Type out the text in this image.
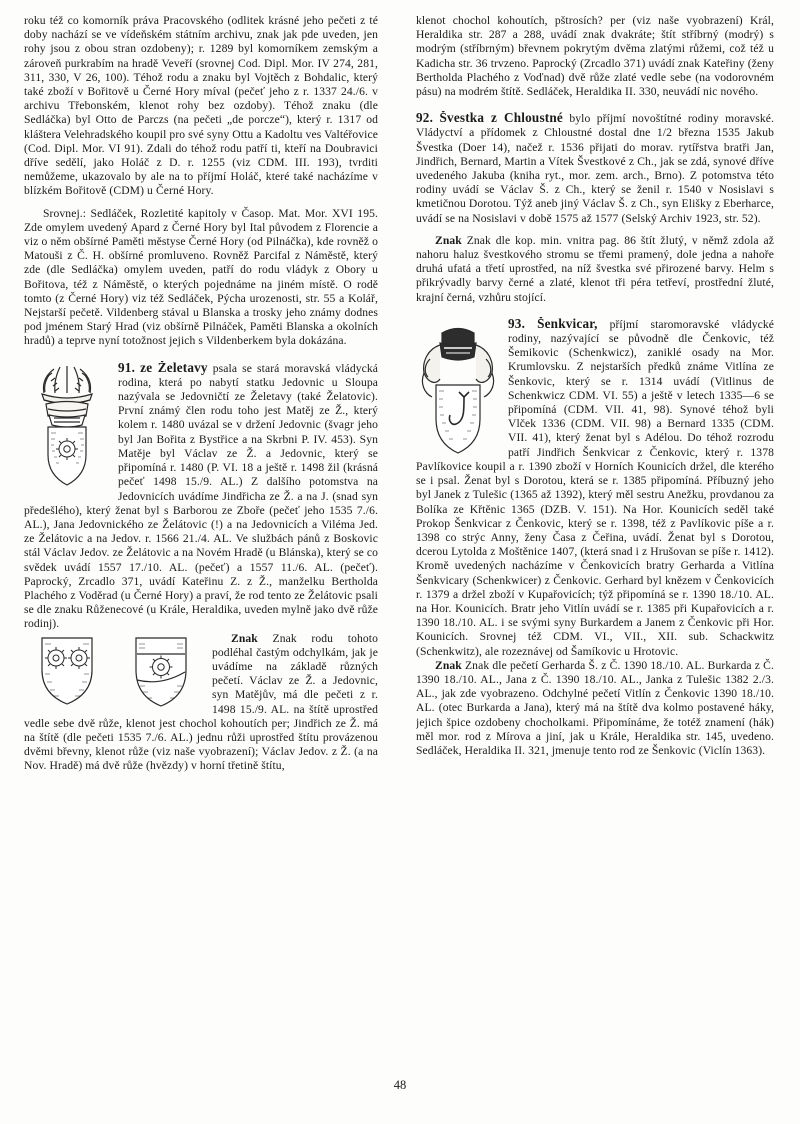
roku též co komorník práva Pracovského (odlitek krásné jeho pečeti z té doby nachází se ve vídeňském státním archivu, znak jak pde uveden, jen rohy jsou z obou stran ozdobeny); r. 1289 byl komorníkem zemským a zároveň purkrabím na hradě Veveří (srovnej Cod. Dipl. Mor. IV 274, 281, 311, 330, V 26, 100). Téhož rodu a znaku byl Vojtěch z Bohdalic, který také zboží v Bořitově u Černé Hory míval (pečeť jeho z r. 1337 24./6. v archivu Třebonském, klenot rohy bez ozdoby). Téhož znaku (dle Sedláčka) byl Otto de Parczs (na pečeti „de porcze“), který r. 1317 od kláštera Velehradského koupil pro své syny Ottu a Kadoltu ves Valtéřovice (Cod. Dipl. Mor. VI 91). Zdali do téhož rodu patří ti, kteří na Doubravici dříve sedělí, jako Holáč z D. r. 1255 (viz CDM. III. 193), tvrditi nemůžeme, ukazovalo by ale na to příjmí Holáč, které také nacházíme v blízkém Bořitově (CDM) u Černé Hory.

Srovnej.: Sedláček, Rozletité kapitoly v Časop. Mat. Mor. XVI 195. Zde omylem uvedený Apard z Černé Hory byl Ital původem z Florencie a viz o něm obšírné Paměti městyse Černé Hory (od Pilnáčka), kde rovněž o Matouši z Č. H. obšírné promluveno. Rovněž Parcifal z Náměstě, který zde (dle Sedláčka) omylem uveden, patří do rodu vládyk z Obory u Bořitova, též z Náměstě, o kterých pojednáme na jiném místě. O rodě tomto (z Černé Hory) viz též Sedláček, Pýcha urozenosti, str. 55 a Kolář, Nejstarší pečetě. Vildenberg stával u Blanska a trosky jeho známy dodnes pod jménem Starý Hrad (viz obšírně Pilnáček, Paměti Blanska a okolních hradů) a teprve nyní totožnost jejich s Vildenberkem byla dokázána.

91. ze Želetavy psala se stará moravská vládycká rodina, která po nabytí statku Jedovnic u Sloupa nazývala se Jedovničtí ze Želetavy (také Želatovic). První známý člen rodu toho jest Matěj ze Ž., který kolem r. 1480 uvázal se v držení Jedovnic (švagr jeho byl Jan Bořita z Bystřice a na Skrbni P. IV. 453). Syn Matěje byl Václav ze Ž. a Jedovnic, který se připomíná r. 1480 (P. VI. 18 a ještě r. 1498 žil (krásná pečeť 1498 15./9. AL.) Z dalšího potomstva na Jedovnicích uvádíme Jindřicha ze Ž. a na J. (snad syn předešlého), který ženat byl s Barborou ze Zboře (pečeť jeho 1535 7./6. AL.), Jana Jedovnického ze Želátovic (!) a na Jedovnicích a Viléma Jed. ze Želátovic a na Jedov. r. 1566 21./4. AL. Ve službách pánů z Boskovic stál Václav Jedov. ze Želátovic a na Novém Hradě (u Blánska), který se co svědek uvádí 1557 17./10. AL. (pečeť) a 1557 11./6. AL. (pečeť). Paprocký, Zrcadlo 371, uvádí Kateřinu Z. z Ž., manželku Bertholda Plachého z Voděrad (u Černé Hory) a praví, že rod tento ze Želátovic psali se dle znaku Růženecové (u Krále, Heraldika, uveden mylně jako dvě růže rodinj).

Znak Znak rodu tohoto podléhal častým odchylkám, jak je uvádíme na základě různých pečetí. Václav ze Ž. a Jedovnic, syn Matějův, má dle pečeti z r. 1498 15./9. AL. na štítě uprostřed vedle sebe dvě růže, klenot jest chochol kohoutích per; Jindřich ze Ž. má na štítě (dle pečeti 1535 7./6. AL.) jednu růži uprostřed štítu provázenou dvěmi břevny, klenot růže (viz naše vyobrazení); Václav Jedov. z Ž. (a na Nov. Hradě) má dvě růže (hvězdy) v horní třetině štítu,

klenot chochol kohoutích, pštrosích? per (viz naše vyobrazení) Král, Heraldika str. 287 a 288, uvádí znak dvakráte; štít stříbrný (modrý) s modrým (stříbrným) břevnem pokrytým dvěma zlatými růžemi, což též u Kadicha str. 36 trvzeno. Paprocký (Zrcadlo 371) uvádí znak Kateřiny (ženy Bertholda Plachého z Voďnad) dvě růže zlaté vedle sebe (na vodorovném pásu) na modrém štítě. Sedláček, Heraldika II. 330, neuvádí nic nového.

92. Švestka z Chloustné bylo příjmí novoštítné rodiny moravské. Vládyctví a přídomek z Chloustné dostal dne 1/2 března 1535 Jakub Švestka (Doer 14), načež r. 1536 přijati do morav. rytířstva bratři Jan, Jindřich, Bernard, Martin a Vítek Švestkové z Ch., jak se zdá, synové dříve uvedeného Jakuba (kniha ryt., mor. zem. arch., Brno). Z potomstva této rodiny uvádí se Václav Š. z Ch., který se ženil r. 1540 v Nosislavi s kmetičnou Dorotou. Týž aneb jiný Václav Š. z Ch., syn Elišky z Eberharce, uvádí se na Nosislavi v době 1575 až 1577 (Selský Archiv 1923, str. 52).

Znak Znak dle kop. min. vnitra pag. 86 štít žlutý, v němž zdola až nahoru haluz švestkového stromu se třemi pramený, dole jedna a nahoře druhá ufatá a třetí uprostřed, na níž švestka své přirozené barvy. Helm s přikrývadly barvy černé a zlaté, klenot tři péra tetřeví, prostřední žluté, krajní černá, vzhůru stojící.

93. Šenkvicar, příjmí staromoravské vládycké rodiny, nazývající se původně dle Čenkovic, též Šemikovic (Schenkwicz), zaniklé osady na Mor. Krumlovsku. Z nejstarších předků známe Vitlína ze Šenkovic, který se r. 1314 uvádí (Vitlinus de Schenkwicz CDM. VI. 55) a ještě v letech 1335—6 se připomíná (CDM. VII. 41, 98). Synové téhož byli Vlček 1336 (CDM. VII. 98) a Bernard 1335 (CDM. VII. 41), který ženat byl s Adélou. Do téhož rozrodu patří Jindřich Šenkvicar z Čenkovic, který r. 1378 Pavlíkovice koupil a r. 1390 zboží v Horních Kounicích držel, dle kterého se i psal. Ženat byl s Dorotou, která se r. 1385 připomíná. Příbuzný jeho byl Janek z Tulešic (1365 až 1392), který měl sestru Anežku, provdanou za Bolíka ze Křtěnic 1365 (DZB. V. 151). Na Hor. Kounicích seděl také Prokop Šenkvicar z Čenkovic, který se r. 1398, též z Pavlíkovic píše a r. 1398 co strýc Anny, ženy Časa z Čeřina, uvádí. Ženat byl s Dorotou, dcerou Lytolda z Moštěnice 1407, (která snad i z Hrušovan se píše r. 1412). Kromě uvedených nacházíme v Čenkovicích bratry Gerharda a Vitlína Šenkvicary (Schenkwicer) z Čenkovic. Gerhard byl knězem v Čenkovicích r. 1379 a držel zboží v Kupařovicích; týž připomíná se r. 1390 18./10. AL. na Hor. Kounicích. Bratr jeho Vitlín uvádí se r. 1385 při Kupařovicích a r. 1390 18./10. AL. i se svými syny Burkardem a Janem z Čenkovic při Hor. Kounicích. Srovnej též CDM. VI., VII., XII. sub. Schackwitz (Schenkwitz), ale rozeznávej od Šamíkovic u Hrotovic.

Znak Znak dle pečetí Gerharda Š. z Č. 1390 18./10. AL. Burkarda z Č. 1390 18./10. AL., Jana z Č. 1390 18./10. AL., Janka z Tulešic 1382 2./3. AL., jak zde vyobrazeno. Odchylné pečetí Vitlín z Čenkovic 1390 18./10. AL. (otec Burkarda a Jana), který má na štítě dva kolmo postavené háky, jejich špice ozdobeny chocholkami. Připomínáme, že totéž znamení (hák) měl mor. rod z Mírova a jiní, jak u Krále, Heraldika str. 145, uvedeno. Sedláček, Heraldika II. 321, jmenuje tento rod ze Šenkovic (Viclín 1363).

48
